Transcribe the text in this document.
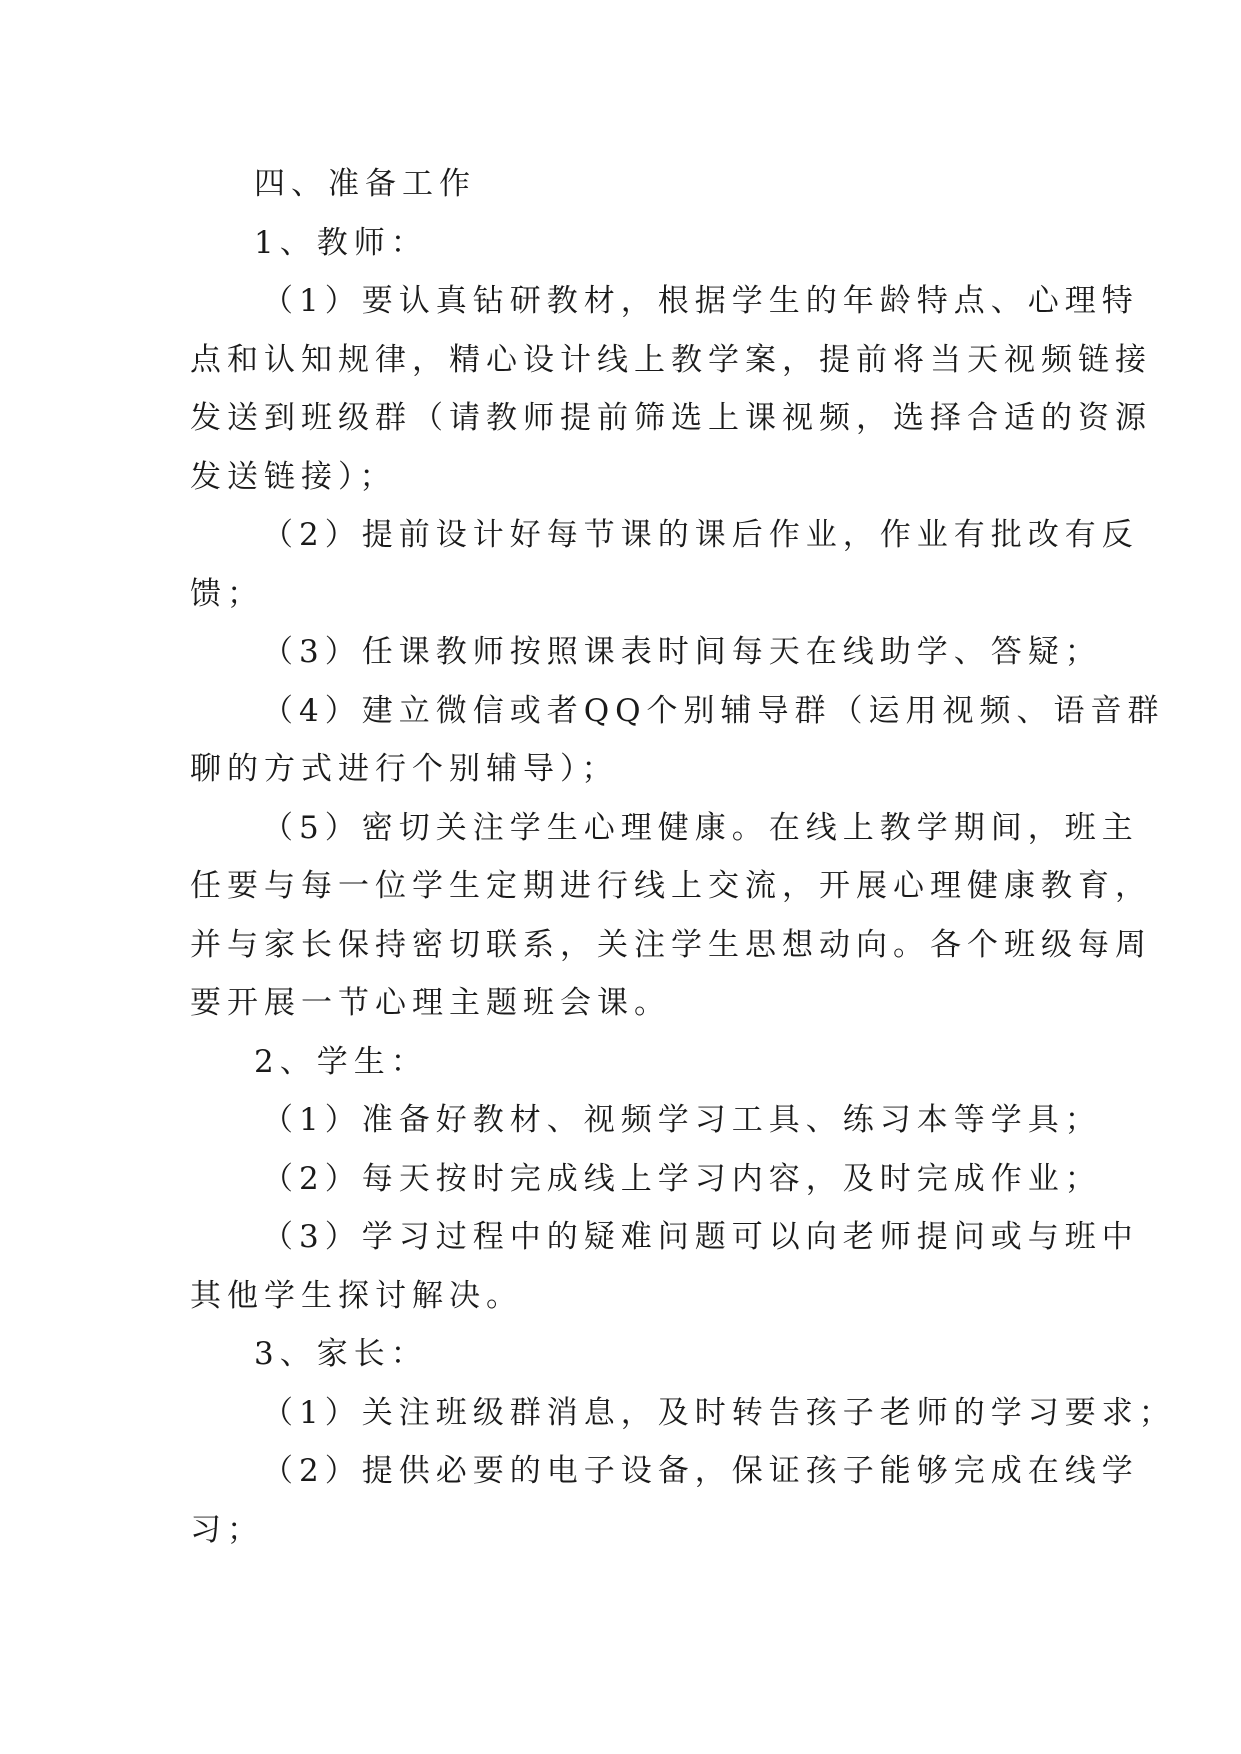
四、准备工作

1、教师：

（1）要认真钻研教材，根据学生的年龄特点、心理特

点和认知规律，精心设计线上教学案，提前将当天视频链接

发送到班级群（请教师提前筛选上课视频，选择合适的资源

发送链接）；

（2）提前设计好每节课的课后作业，作业有批改有反

馈；

（3）任课教师按照课表时间每天在线助学、答疑；

（4）建立微信或者QQ个别辅导群（运用视频、语音群

聊的方式进行个别辅导）；

（5）密切关注学生心理健康。在线上教学期间，班主

任要与每一位学生定期进行线上交流，开展心理健康教育，

并与家长保持密切联系，关注学生思想动向。各个班级每周

要开展一节心理主题班会课。

2、学生：

（1）准备好教材、视频学习工具、练习本等学具；

（2）每天按时完成线上学习内容，及时完成作业；

（3）学习过程中的疑难问题可以向老师提问或与班中

其他学生探讨解决。

3、家长：

（1）关注班级群消息，及时转告孩子老师的学习要求；

（2）提供必要的电子设备，保证孩子能够完成在线学

习；
